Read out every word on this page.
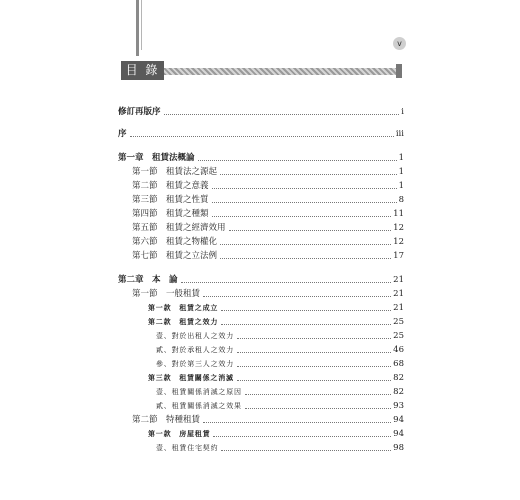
v
目 錄
修訂再版序	i
序	iii
第一章　租賃法概論	1
第一節　租賃法之源起	1
第二節　租賃之意義	1
第三節　租賃之性質	8
第四節　租賃之種類	11
第五節　租賃之經濟效用	12
第六節　租賃之物權化	12
第七節　租賃之立法例	17
第二章　本　論	21
第一節　一般租賃	21
第一款　租賃之成立	21
第二款　租賃之效力	25
壹、對於出租人之效力	25
貳、對於承租人之效力	46
參、對於第三人之效力	68
第三款　租賃關係之消滅	82
壹、租賃關係消滅之原因	82
貳、租賃關係消滅之效果	93
第二節　特種租賃	94
第一款　房屋租賃	94
壹、租賃住宅契約	98
